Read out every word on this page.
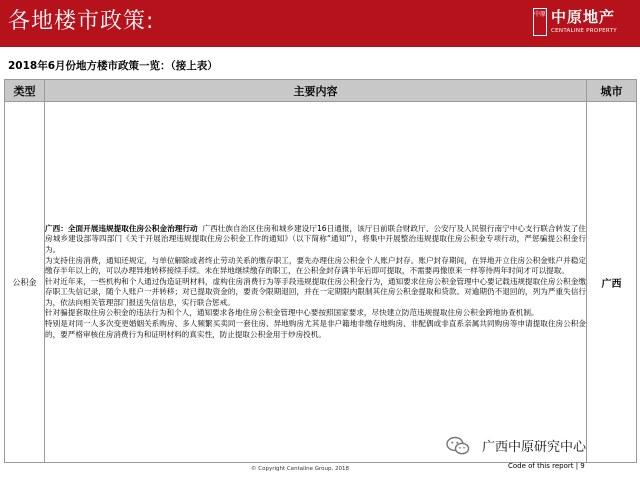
各地楼市政策:	中原 中原地产
CENTALINE PROPERTY
2018年6月份地方楼市政策一览：（接上表）
类型	主要内容	城市
公积金	广西：全面开展违规提取住房公积金治理行动 广西壮族自治区住房和城乡建设厅16日通报，该厅日前联合财政厅、公安厅及人民银行南宁中心支行联合转发了住房城乡建设部等四部门《关于开展治理违规提取住房公积金工作的通知》（以下简称“通知”），将集中开展整治违规提取住房公积金专项行动，严惩骗提公积金行为。
为支持住房消费，通知还规定，与单位解除或者终止劳动关系的缴存职工，要先办理住房公积金个人账户封存。账户封存期间，在异地开立住房公积金账户并稳定缴存半年以上的，可以办理异地转移接续手续。未在异地继续缴存的职工，在公积金封存满半年后即可提取，不需要再像原来一样等待两年时间才可以提取。
针对近年来，一些机构和个人通过伪造证明材料，虚构住房消费行为等手段违规提取住房公积金行为，通知要求住房公积金管理中心要记载违规提取住房公积金缴存职工失信记录，随个人账户一并转移；对已提取资金的，要责令限期退回，并在一定期限内限制其住房公积金提取和贷款。对逾期仍不退回的，列为严重失信行为，依法向相关管理部门报送失信信息，实行联合惩戒。
针对骗提套取住房公积金的违法行为和个人，通知要求各地住房公积金管理中心要按照国家要求，尽快建立防范违规提取住房公积金跨地协查机制。
特别是对同一人多次变更婚姻关系购房、多人频繁买卖同一套住房、异地购房尤其是非户籍地非缴存地购房、非配偶或非直系亲属共同购房等申请提取住房公积金的，要严格审核住房消费行为和证明材料的真实性，防止提取公积金用于炒房投机。	广西
广西中原研究中心
© Copyright Centaline Group, 2018	Code of this report | 9
